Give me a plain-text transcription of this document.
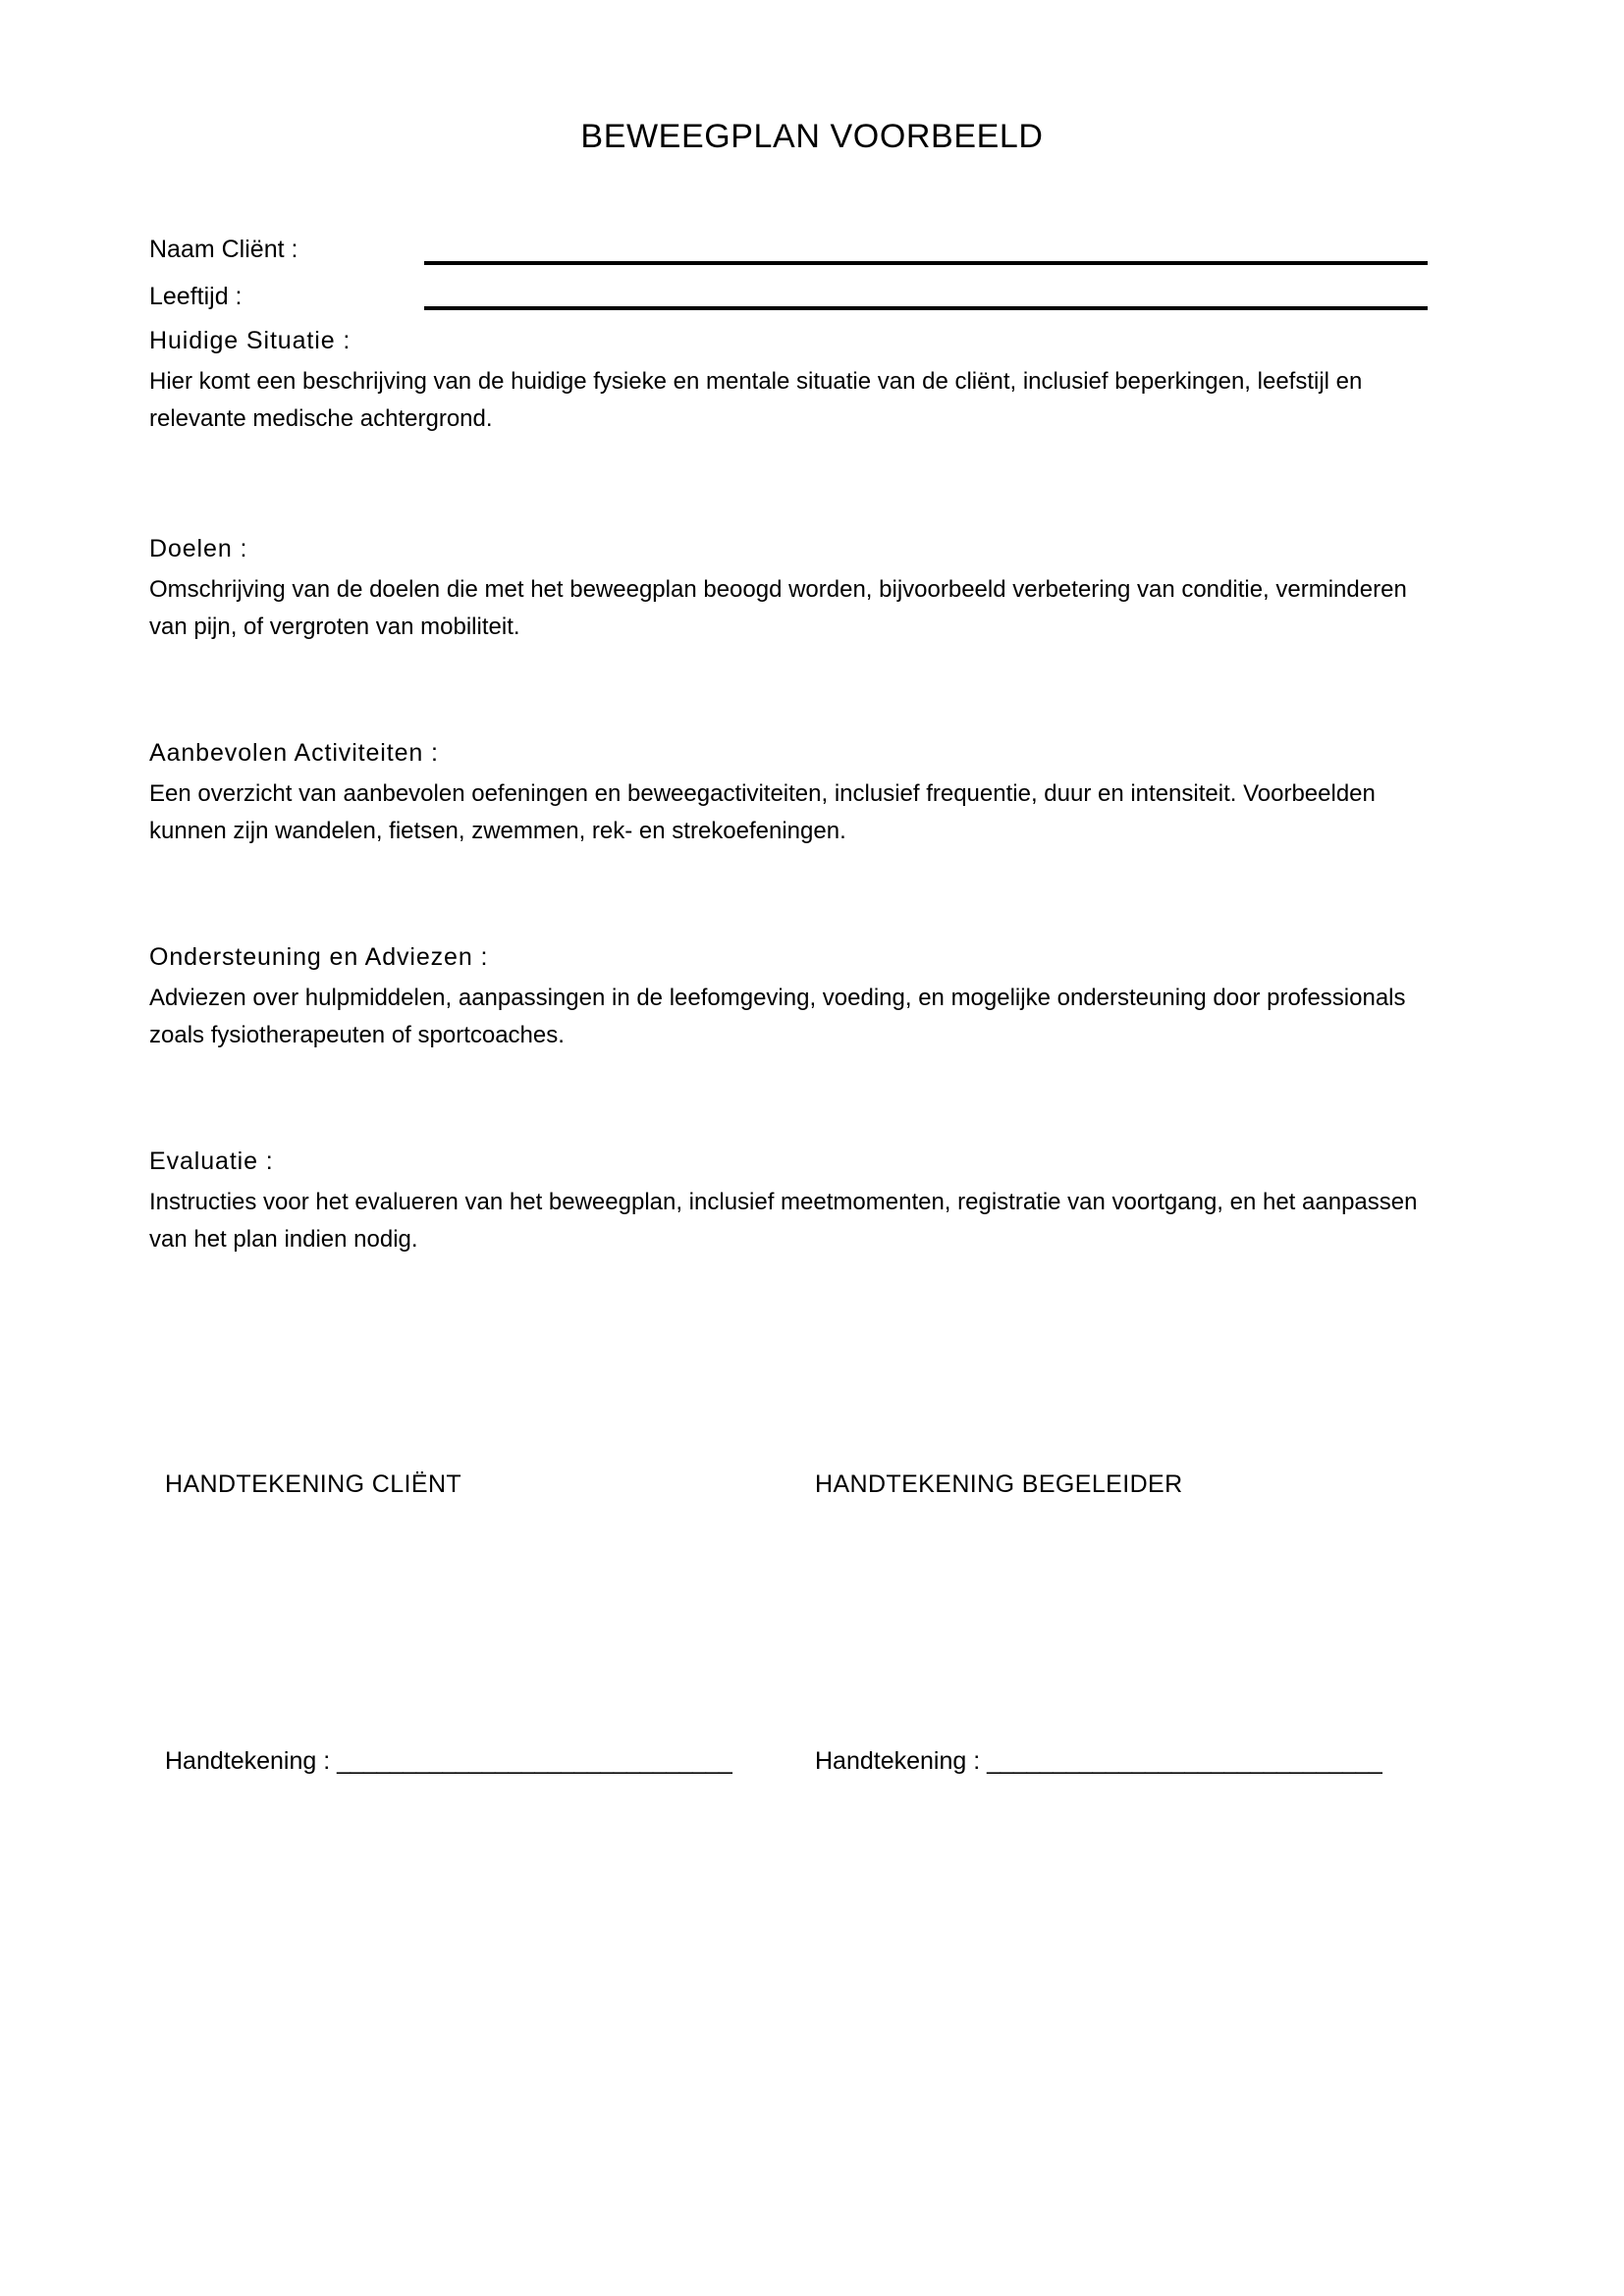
BEWEEGPLAN VOORBEELD
Naam Cliënt :
Leeftijd :
Huidige Situatie :

Hier komt een beschrijving van de huidige fysieke en mentale situatie van de cliënt, inclusief beperkingen, leefstijl en relevante medische achtergrond.

Doelen :

Omschrijving van de doelen die met het beweegplan beoogd worden, bijvoorbeeld verbetering van conditie, verminderen van pijn, of vergroten van mobiliteit.

Aanbevolen Activiteiten :

Een overzicht van aanbevolen oefeningen en beweegactiviteiten, inclusief frequentie, duur en intensiteit. Voorbeelden kunnen zijn wandelen, fietsen, zwemmen, rek- en strekoefeningen.

Ondersteuning en Adviezen :

Adviezen over hulpmiddelen, aanpassingen in de leefomgeving, voeding, en mogelijke ondersteuning door professionals zoals fysiotherapeuten of sportcoaches.

Evaluatie :

Instructies voor het evalueren van het beweegplan, inclusief meetmomenten, registratie van voortgang, en het aanpassen van het plan indien nodig.

HANDTEKENING CLIËNT	HANDTEKENING BEGELEIDER
Handtekening : ______________________________	Handtekening : ______________________________
